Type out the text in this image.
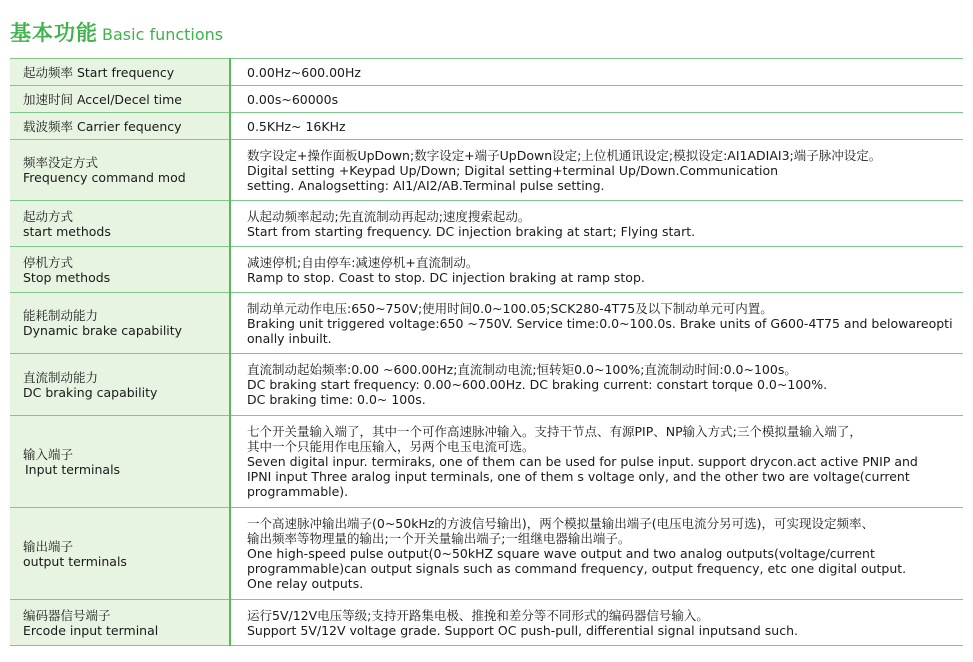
基本功能 Basic functions
起动频率 Start frequency	0.00Hz~600.00Hz

加速时间 Accel/Decel time	0.00s~60000s

载波频率 Carrier fequency	0.5KHz~ 16KHz

频率没定方式
Frequency command mod	数字设定+操作面板UpDown;数字设定+端子UpDown设定;上位机通讯设定;模拟设定:AI1ADIAI3;端子脉冲设定。
Digital setting +Keypad Up/Down; Digital setting+terminal Up/Down.Communication
setting. Analogsetting: AI1/AI2/AB.Terminal pulse setting.

起动方式
start methods	从起动频率起动;先直流制动再起动;速度搜索起动。
Start from starting frequency. DC injection braking at start; Flying start.

停机方式
Stop methods	减速停机;自由停车:减速停机+直流制动。
Ramp to stop. Coast to stop. DC injection braking at ramp stop.

能耗制动能力
Dynamic brake capability	制动单元动作电压:650~750V;使用时间0.0~100.05;SCK280-4T75及以下制动单元可内置。
Braking unit triggered voltage:650 ~750V. Service time:0.0~100.0s. Brake units of G600-4T75 and belowareopti
onally inbuilt.

直流制动能力
DC braking capability	直流制动起始频率:0.00 ~600.00Hz;直流制动电流;恒转矩0.0~100%;直流制动时间:0.0~100s。
DC braking start frequency: 0.00~600.00Hz. DC braking current: constart torque 0.0~100%.
DC braking time: 0.0~ 100s.

输入端子
Input terminals	七个开关量输入端了，其中一个可作高速脉冲输入。支持干节点、有源PIP、NP输入方式;三个模拟量输入端了，
其中一个只能用作电压输入，另两个电玉电流可选。
Seven digital inpur. termiraks, one of them can be used for pulse input. support drycon.act active PNIP and
IPNI input Three aralog input terminals, one of them s voltage only, and the other two are voltage(current
programmable).

输出端子
output terminals	一个高速脉冲输出端子(0~50kHz的方波信号输出)，两个模拟量输出端子(电压电流分另可选)，可实现设定频率、
输出频率等物理量的输出;一个开关量输出端子;一组继电器输出端子。
One high-speed pulse output(0~50kHZ square wave output and two analog outputs(voltage/current
programmable)can output signals such as command frequency, output frequency, etc one digital output.
One relay outputs.

编码器信号端子
Ercode input terminal	运行5V/12V电压等级;支持开路集电极、推挽和差分等不同形式的编码器信号输入。
Support 5V/12V voltage grade. Support OC push-pull, differential signal inputsand such.
